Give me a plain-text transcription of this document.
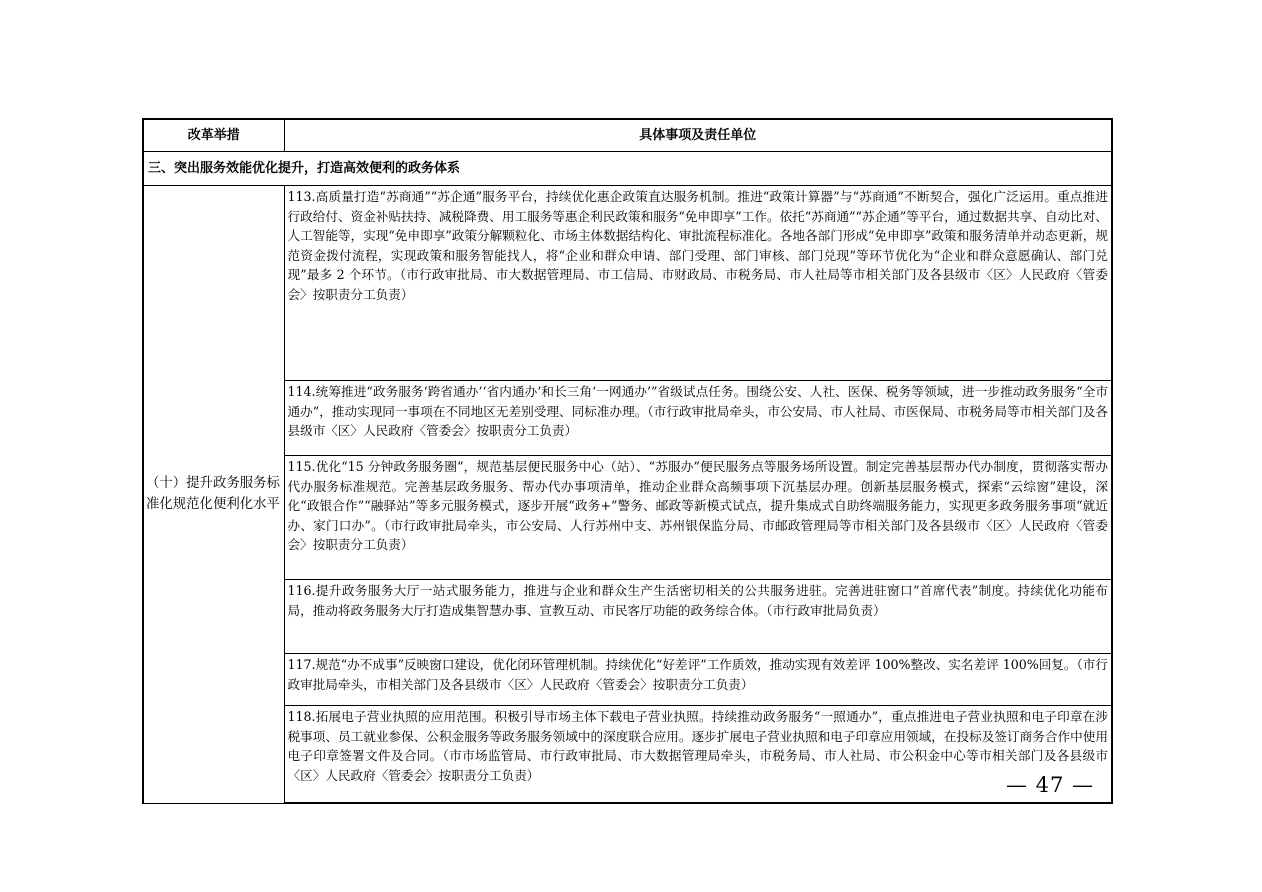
改革举措	具体事项及责任单位
三、突出服务效能优化提升，打造高效便利的政务体系	
（十）提升政务服务标准化规范化便利化水平	113.高质量打造“苏商通”“苏企通”服务平台，持续优化惠企政策直达服务机制。推进“政策计算器”与“苏商通”不断契合，强化广泛运用。重点推进行政给付、资金补贴扶持、减税降费、用工服务等惠企利民政策和服务“免申即享”工作。依托“苏商通”“苏企通”等平台，通过数据共享、自动比对、人工智能等，实现“免申即享”政策分解颗粒化、市场主体数据结构化、审批流程标准化。各地各部门形成“免申即享”政策和服务清单并动态更新，规范资金拨付流程，实现政策和服务智能找人，将“企业和群众申请、部门受理、部门审核、部门兑现”等环节优化为“企业和群众意愿确认、部门兑现”最多 2 个环节。（市行政审批局、市大数据管理局、市工信局、市财政局、市税务局、市人社局等市相关部门及各县级市〈区〉人民政府〈管委会〉按职责分工负责）
	114.统筹推进“政务服务‘跨省通办’‘省内通办’和长三角‘一网通办’”省级试点任务。围绕公安、人社、医保、税务等领域，进一步推动政务服务“全市通办”，推动实现同一事项在不同地区无差别受理、同标准办理。（市行政审批局牵头，市公安局、市人社局、市医保局、市税务局等市相关部门及各县级市〈区〉人民政府〈管委会〉按职责分工负责）
	115.优化“15 分钟政务服务圈”，规范基层便民服务中心（站）、“苏服办”便民服务点等服务场所设置。制定完善基层帮办代办制度，贯彻落实帮办代办服务标准规范。完善基层政务服务、帮办代办事项清单，推动企业群众高频事项下沉基层办理。创新基层服务模式，探索“云综窗”建设，深化“政银合作”“融驿站”等多元服务模式，逐步开展“政务+”警务、邮政等新模式试点，提升集成式自助终端服务能力，实现更多政务服务事项“就近办、家门口办”。（市行政审批局牵头，市公安局、人行苏州中支、苏州银保监分局、市邮政管理局等市相关部门及各县级市〈区〉人民政府〈管委会〉按职责分工负责）
	116.提升政务服务大厅一站式服务能力，推进与企业和群众生产生活密切相关的公共服务进驻。完善进驻窗口“首席代表”制度。持续优化功能布局，推动将政务服务大厅打造成集智慧办事、宣教互动、市民客厅功能的政务综合体。（市行政审批局负责）
	117.规范“办不成事”反映窗口建设，优化闭环管理机制。持续优化“好差评”工作质效，推动实现有效差评 100%整改、实名差评 100%回复。（市行政审批局牵头，市相关部门及各县级市〈区〉人民政府〈管委会〉按职责分工负责）
	118.拓展电子营业执照的应用范围。积极引导市场主体下载电子营业执照。持续推动政务服务“一照通办”，重点推进电子营业执照和电子印章在涉税事项、员工就业参保、公积金服务等政务服务领域中的深度联合应用。逐步扩展电子营业执照和电子印章应用领域，在投标及签订商务合作中使用电子印章签署文件及合同。（市市场监管局、市行政审批局、市大数据管理局牵头，市税务局、市人社局、市公积金中心等市相关部门及各县级市〈区〉人民政府〈管委会〉按职责分工负责）	— 47 —
